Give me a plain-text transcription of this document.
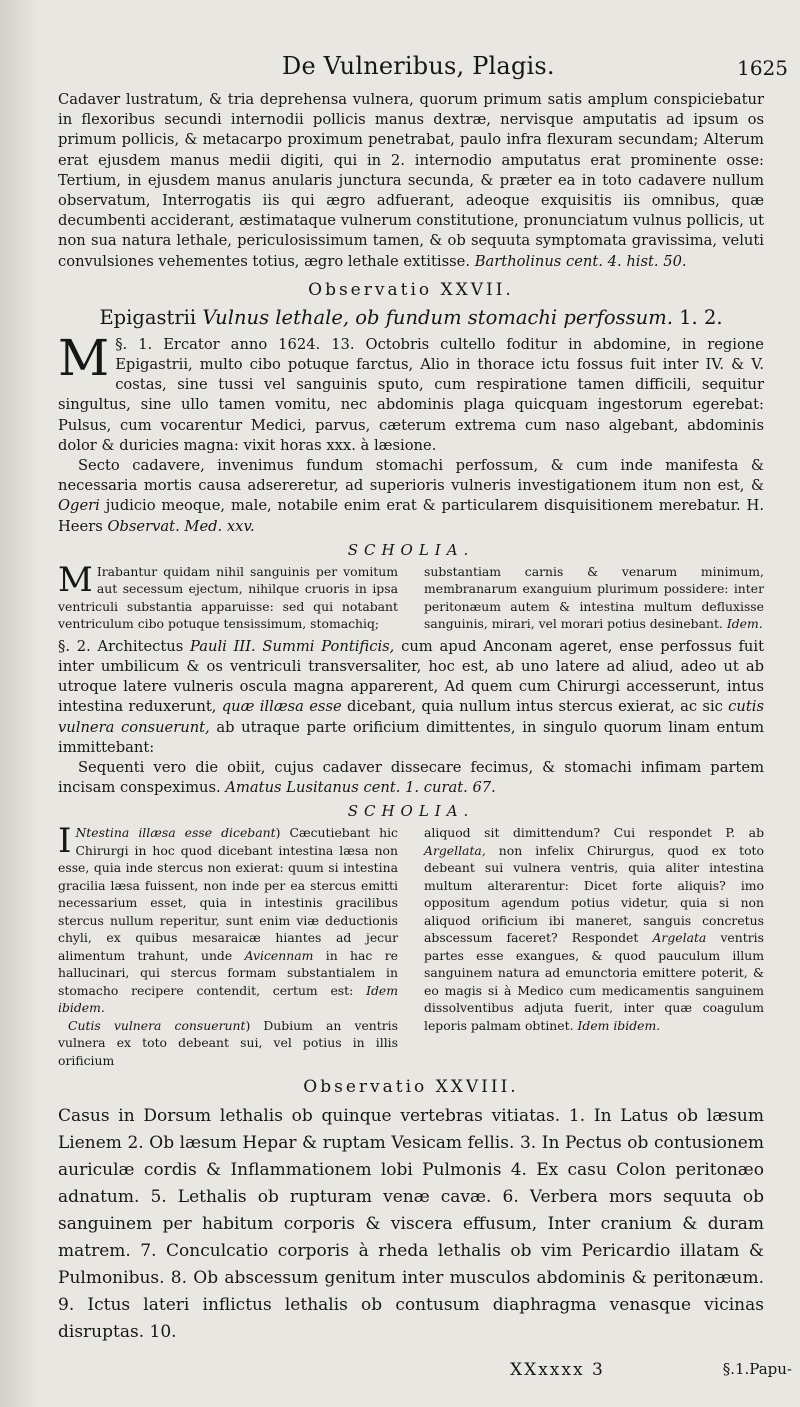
De Vulneribus, Plagis.	1625

Cadaver lustratum, & tria deprehensa vulnera, quorum primum satis amplum conspiciebatur in flexoribus secundi internodii pollicis manus dextræ, nervisque amputatis ad ipsum os primum pollicis, & metacarpo proximum penetrabat, paulo infra flexuram secundam; Alterum erat ejusdem manus medii digiti, qui in 2. internodio amputatus erat prominente osse: Tertium, in ejusdem manus anularis junctura secunda, & præter ea in toto cadavere nullum observatum, Interrogatis iis qui ægro adfuerant, adeoque exquisitis iis omnibus, quæ decumbenti acciderant, æstimataque vulnerum constitutione, pronunciatum vulnus pollicis, ut non sua natura lethale, periculosissimum tamen, & ob sequuta symptomata gravissima, veluti convulsiones vehementes totius, ægro lethale extitisse. Bartholinus cent. 4. hist. 50.

Observatio XXVII.
Epigastrii Vulnus lethale, ob fundum stomachi perfossum. 1. 2.

§. 1.
M	Ercator anno 1624. 13. Octobris cultello foditur in abdomine, in regione Epigastrii, multo cibo potuque farctus, Alio in thorace ictu fossus fuit inter IV. & V. costas, sine tussi vel sanguinis sputo, cum respiratione tamen difficili, sequitur singultus, sine ullo tamen vomitu, nec abdominis plaga quicquam ingestorum egerebat: Pulsus, cum vocarentur Medici, parvus, cæterum extrema cum naso algebant, abdominis dolor & duricies magna: vixit horas xxx. à læsione.

Secto cadavere, invenimus fundum stomachi perfossum, & cum inde manifesta & necessaria mortis causa adsereretur, ad superioris vulneris investigationem itum non est, & Ogeri judicio meoque, male, notabile enim erat & particularem disquisitionem merebatur. H. Heers Observat. Med. xxv.

SCHOLIA.
M Irabantur quidam nihil sanguinis per vomitum aut secessum ejectum, nihilque cruoris in ipsa ventriculi substantia apparuisse: sed qui notabant ventriculum cibo potuque tensissimum, stomachiq;
substantiam carnis & venarum minimum, membranarum exanguium plurimum possidere: inter peritonæum autem & intestina multum defluxisse sanguinis, mirari, vel morari potius desinebant. Idem.

§. 2. Architectus Pauli III. Summi Pontificis, cum apud Anconam ageret, ense perfossus fuit inter umbilicum & os ventriculi transversaliter, hoc est, ab uno latere ad aliud, adeo ut ab utroque latere vulneris oscula magna apparerent, Ad quem cum Chirurgi accesserunt, intus intestina reduxerunt, quæ illæsa esse dicebant, quia nullum intus stercus exierat, ac sic cutis vulnera consuerunt, ab utraque parte orificium dimittentes, in singulo quorum linam entum immittebant:

Sequenti vero die obiit, cujus cadaver dissecare fecimus, & stomachi infimam partem incisam conspeximus. Amatus Lusitanus cent. 1. curat. 67.

SCHOLIA.
I Ntestina illæsa esse dicebant) Cæcutiebant hic Chirurgi in hoc quod dicebant intestina læsa non esse, quia inde stercus non exierat: quum si intestina gracilia læsa fuissent, non inde per ea stercus emitti necessarium esset, quia in intestinis gracilibus stercus nullum reperitur, sunt enim viæ deductionis chyli, ex quibus mesaraicæ hiantes ad jecur alimentum trahunt, unde Avicennam in hac re hallucinari, qui stercus formam substantialem in stomacho recipere contendit, certum est: Idem ibidem.
Cutis vulnera consuerunt) Dubium an ventris vulnera ex toto debeant sui, vel potius in illis orificium
aliquod sit dimittendum? Cui respondet P. ab Argellata, non infelix Chirurgus, quod ex toto debeant sui vulnera ventris, quia aliter intestina multum alterarentur: Dicet forte aliquis? imo oppositum agendum potius videtur, quia si non aliquod orificium ibi maneret, sanguis concretus abscessum faceret? Respondet Argelata ventris partes esse exangues, & quod pauculum illum sanguinem natura ad emunctoria emittere poterit, & eo magis si à Medico cum medicamentis sanguinem dissolventibus adjuta fuerit, inter quæ coagulum leporis palmam obtinet. Idem ibidem.
Observatio XXVIII.

Casus in Dorsum lethalis ob quinque vertebras vitiatas. 1. In Latus ob læsum Lienem 2. Ob læsum Hepar & ruptam Vesicam fellis. 3. In Pectus ob contusionem auriculæ cordis & Inflammationem lobi Pulmonis 4. Ex casu Colon peritonæo adnatum. 5. Lethalis ob rupturam venæ cavæ. 6. Verbera mors sequuta ob sanguinem per habitum corporis & viscera effusum, Inter cranium & duram matrem. 7. Conculcatio corporis à rheda lethalis ob vim Pericardio illatam & Pulmonibus. 8. Ob abscessum genitum inter musculos abdominis & peritonæum. 9. Ictus lateri inflictus lethalis ob contusum diaphragma venasque vicinas disruptas. 10.

XXxxxx 3	§.1.Papu-
